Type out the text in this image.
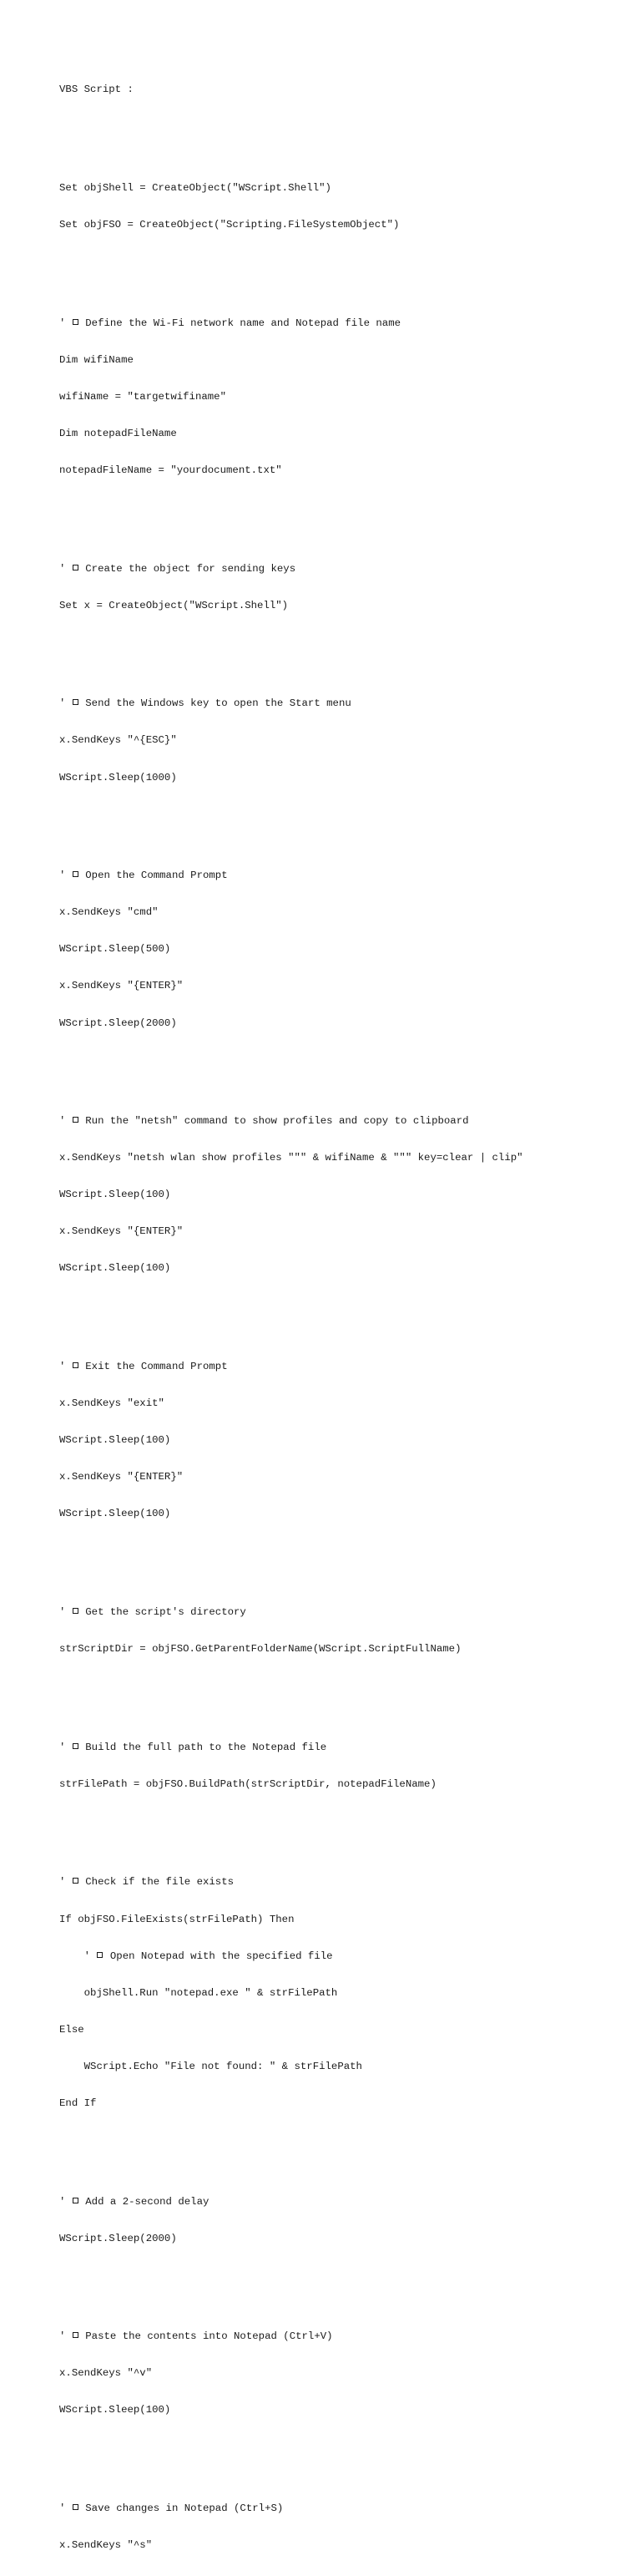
VBS Script :

Set objShell = CreateObject("WScript.Shell")

Set objFSO = CreateObject("Scripting.FileSystemObject")

'  Define the Wi-Fi network name and Notepad file name

Dim wifiName

wifiName = "targetwifiname"

Dim notepadFileName

notepadFileName = "yourdocument.txt"

'  Create the object for sending keys

Set x = CreateObject("WScript.Shell")

'  Send the Windows key to open the Start menu

x.SendKeys "^{ESC}"

WScript.Sleep(1000)

'  Open the Command Prompt

x.SendKeys "cmd"

WScript.Sleep(500)

x.SendKeys "{ENTER}"

WScript.Sleep(2000)

'  Run the "netsh" command to show profiles and copy to clipboard

x.SendKeys "netsh wlan show profiles """ & wifiName & """ key=clear | clip"

WScript.Sleep(100)

x.SendKeys "{ENTER}"

WScript.Sleep(100)

'  Exit the Command Prompt

x.SendKeys "exit"

WScript.Sleep(100)

x.SendKeys "{ENTER}"

WScript.Sleep(100)

'  Get the script's directory

strScriptDir = objFSO.GetParentFolderName(WScript.ScriptFullName)

'  Build the full path to the Notepad file

strFilePath = objFSO.BuildPath(strScriptDir, notepadFileName)

'  Check if the file exists

If objFSO.FileExists(strFilePath) Then

'  Open Notepad with the specified file

objShell.Run "notepad.exe " & strFilePath

Else

WScript.Echo "File not found: " & strFilePath

End If

'  Add a 2-second delay

WScript.Sleep(2000)

'  Paste the contents into Notepad (Ctrl+V)

x.SendKeys "^v"

WScript.Sleep(100)

'  Save changes in Notepad (Ctrl+S)

x.SendKeys "^s"
